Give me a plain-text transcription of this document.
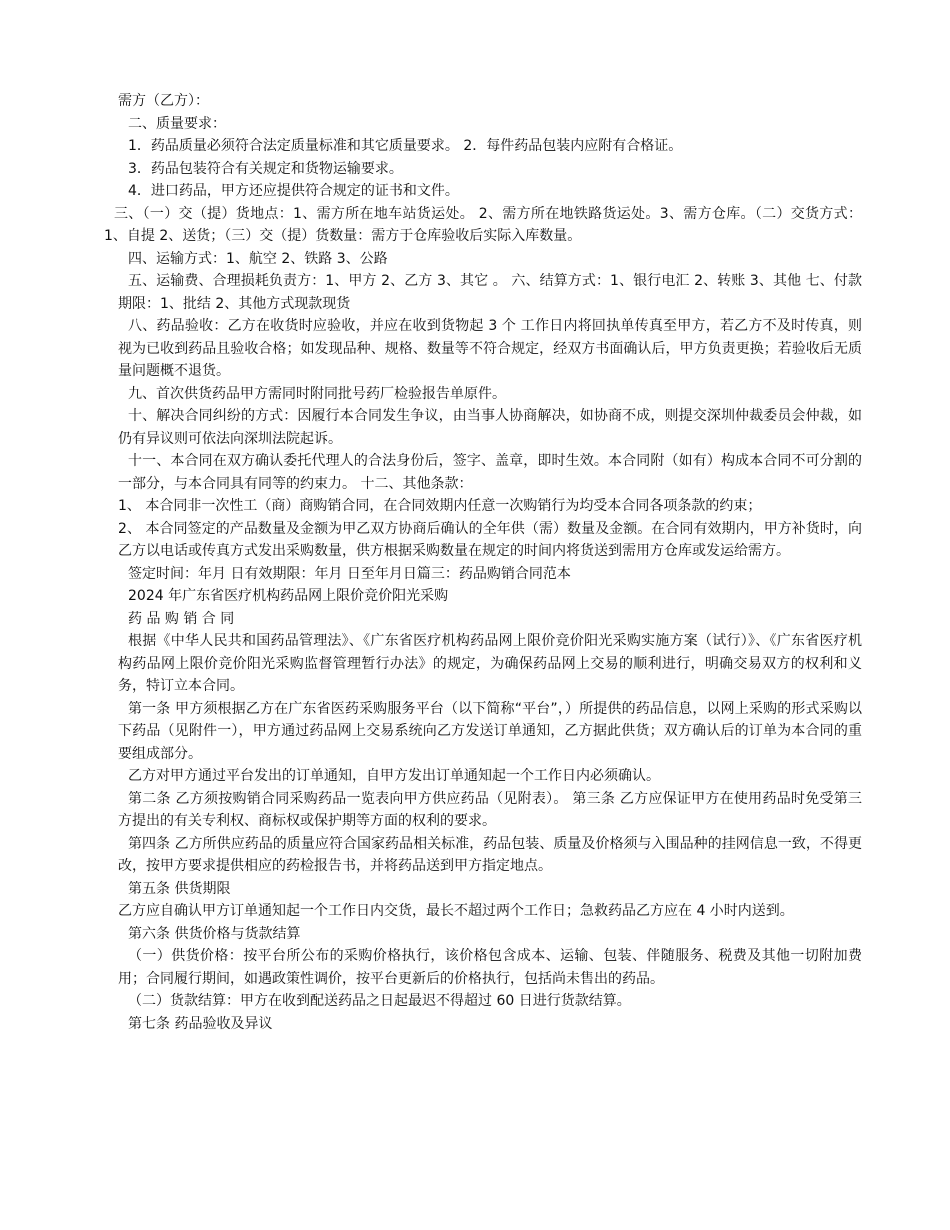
需方（乙方）：

二、质量要求：

1．药品质量必须符合法定质量标准和其它质量要求。 2．每件药品包装内应附有合格证。

3．药品包装符合有关规定和货物运输要求。

4．进口药品，甲方还应提供符合规定的证书和文件。

三、（一）交（提）货地点：1、需方所在地车站货运处。 2、需方所在地铁路货运处。3、需方仓库。（二）交货方式：1、自提 2、送货；（三）交（提）货数量：需方于仓库验收后实际入库数量。

四、运输方式：1、航空 2、铁路 3、公路

五、运输费、合理损耗负责方：1、甲方 2、乙方 3、其它 。 六、结算方式：1、银行电汇 2、转账 3、其他 七、付款期限：1、批结 2、其他方式现款现货

八、药品验收：乙方在收货时应验收，并应在收到货物起 3 个 工作日内将回执单传真至甲方，若乙方不及时传真，则视为已收到药品且验收合格；如发现品种、规格、数量等不符合规定，经双方书面确认后，甲方负责更换；若验收后无质量问题概不退货。

九、首次供货药品甲方需同时附同批号药厂检验报告单原件。

十、解决合同纠纷的方式：因履行本合同发生争议，由当事人协商解决，如协商不成，则提交深圳仲裁委员会仲裁，如仍有异议则可依法向深圳法院起诉。

十一、本合同在双方确认委托代理人的合法身份后，签字、盖章，即时生效。本合同附（如有）构成本合同不可分割的一部分，与本合同具有同等的约束力。 十二、其他条款：

1、 本合同非一次性工（商）商购销合同，在合同效期内任意一次购销行为均受本合同各项条款的约束；

2、 本合同签定的产品数量及金额为甲乙双方协商后确认的全年供（需）数量及金额。在合同有效期内，甲方补货时，向乙方以电话或传真方式发出采购数量，供方根据采购数量在规定的时间内将货送到需用方仓库或发运给需方。

签定时间：年月 日有效期限：年月 日至年月日篇三：药品购销合同范本

2024 年广东省医疗机构药品网上限价竞价阳光采购

药 品 购 销 合 同

根据《中华人民共和国药品管理法》、《广东省医疗机构药品网上限价竞价阳光采购实施方案（试行）》、《广东省医疗机构药品网上限价竞价阳光采购监督管理暂行办法》的规定，为确保药品网上交易的顺利进行，明确交易双方的权利和义务，特订立本合同。

第一条 甲方须根据乙方在广东省医药采购服务平台（以下简称“平台”，）所提供的药品信息，以网上采购的形式采购以下药品（见附件一），甲方通过药品网上交易系统向乙方发送订单通知，乙方据此供货；双方确认后的订单为本合同的重要组成部分。

乙方对甲方通过平台发出的订单通知，自甲方发出订单通知起一个工作日内必须确认。

第二条 乙方须按购销合同采购药品一览表向甲方供应药品（见附表）。 第三条 乙方应保证甲方在使用药品时免受第三方提出的有关专利权、商标权或保护期等方面的权利的要求。

第四条 乙方所供应药品的质量应符合国家药品相关标准，药品包装、质量及价格须与入围品种的挂网信息一致，不得更改，按甲方要求提供相应的药检报告书，并将药品送到甲方指定地点。

第五条 供货期限

乙方应自确认甲方订单通知起一个工作日内交货，最长不超过两个工作日；急救药品乙方应在 4 小时内送到。

第六条 供货价格与货款结算

（一）供货价格：按平台所公布的采购价格执行，该价格包含成本、运输、包装、伴随服务、税费及其他一切附加费用；合同履行期间，如遇政策性调价，按平台更新后的价格执行，包括尚未售出的药品。

（二）货款结算：甲方在收到配送药品之日起最迟不得超过 60 日进行货款结算。

第七条 药品验收及异议
